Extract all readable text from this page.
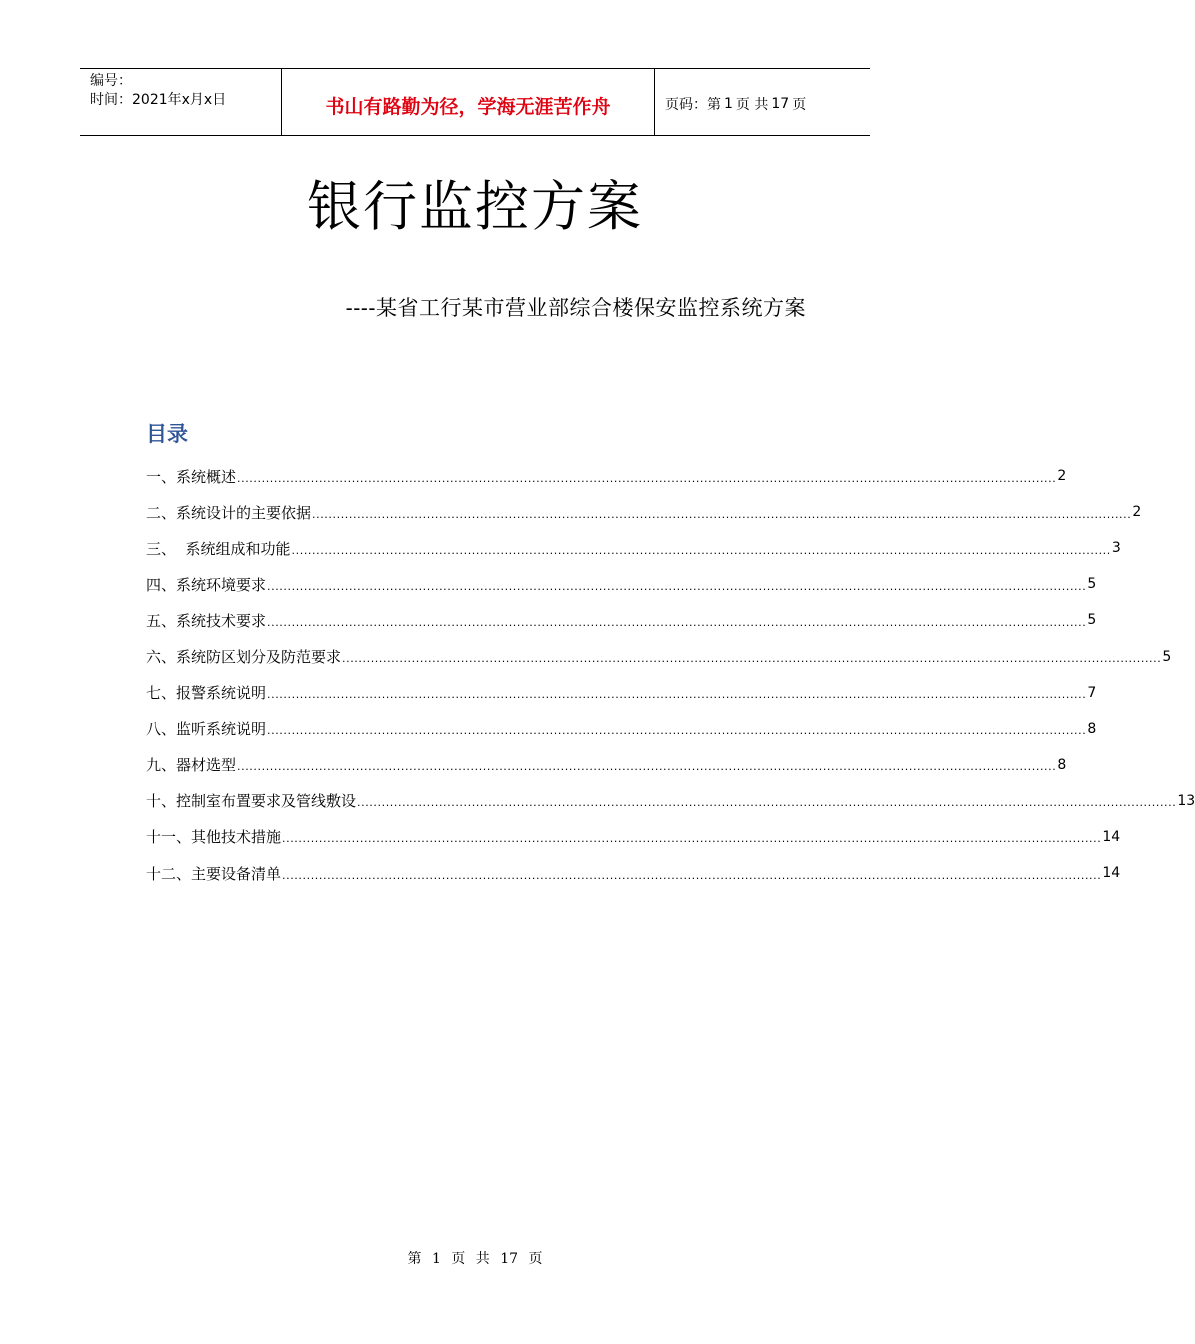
编号：
时间：2021年x月x日	书山有路勤为径，学海无涯苦作舟	页码：第 1 页 共 17 页
银行监控方案
----某省工行某市营业部综合楼保安监控系统方案
目录
一、系统概述 ........................................................................................................................................................................................................ 2
二、系统设计的主要依据 ........................................................................................................................................................................................................ 2
三、  系统组成和功能 ........................................................................................................................................................................................................ 3
四、系统环境要求 ........................................................................................................................................................................................................ 5
五、系统技术要求 ........................................................................................................................................................................................................ 5
六、系统防区划分及防范要求 ........................................................................................................................................................................................................ 5
七、报警系统说明 ........................................................................................................................................................................................................ 7
八、监听系统说明 ........................................................................................................................................................................................................ 8
九、器材选型 ........................................................................................................................................................................................................ 8
十、控制室布置要求及管线敷设 ........................................................................................................................................................................................................ 13
十一、其他技术措施 ........................................................................................................................................................................................................ 14
十二、主要设备清单 ........................................................................................................................................................................................................ 14
第 1 页 共 17 页
